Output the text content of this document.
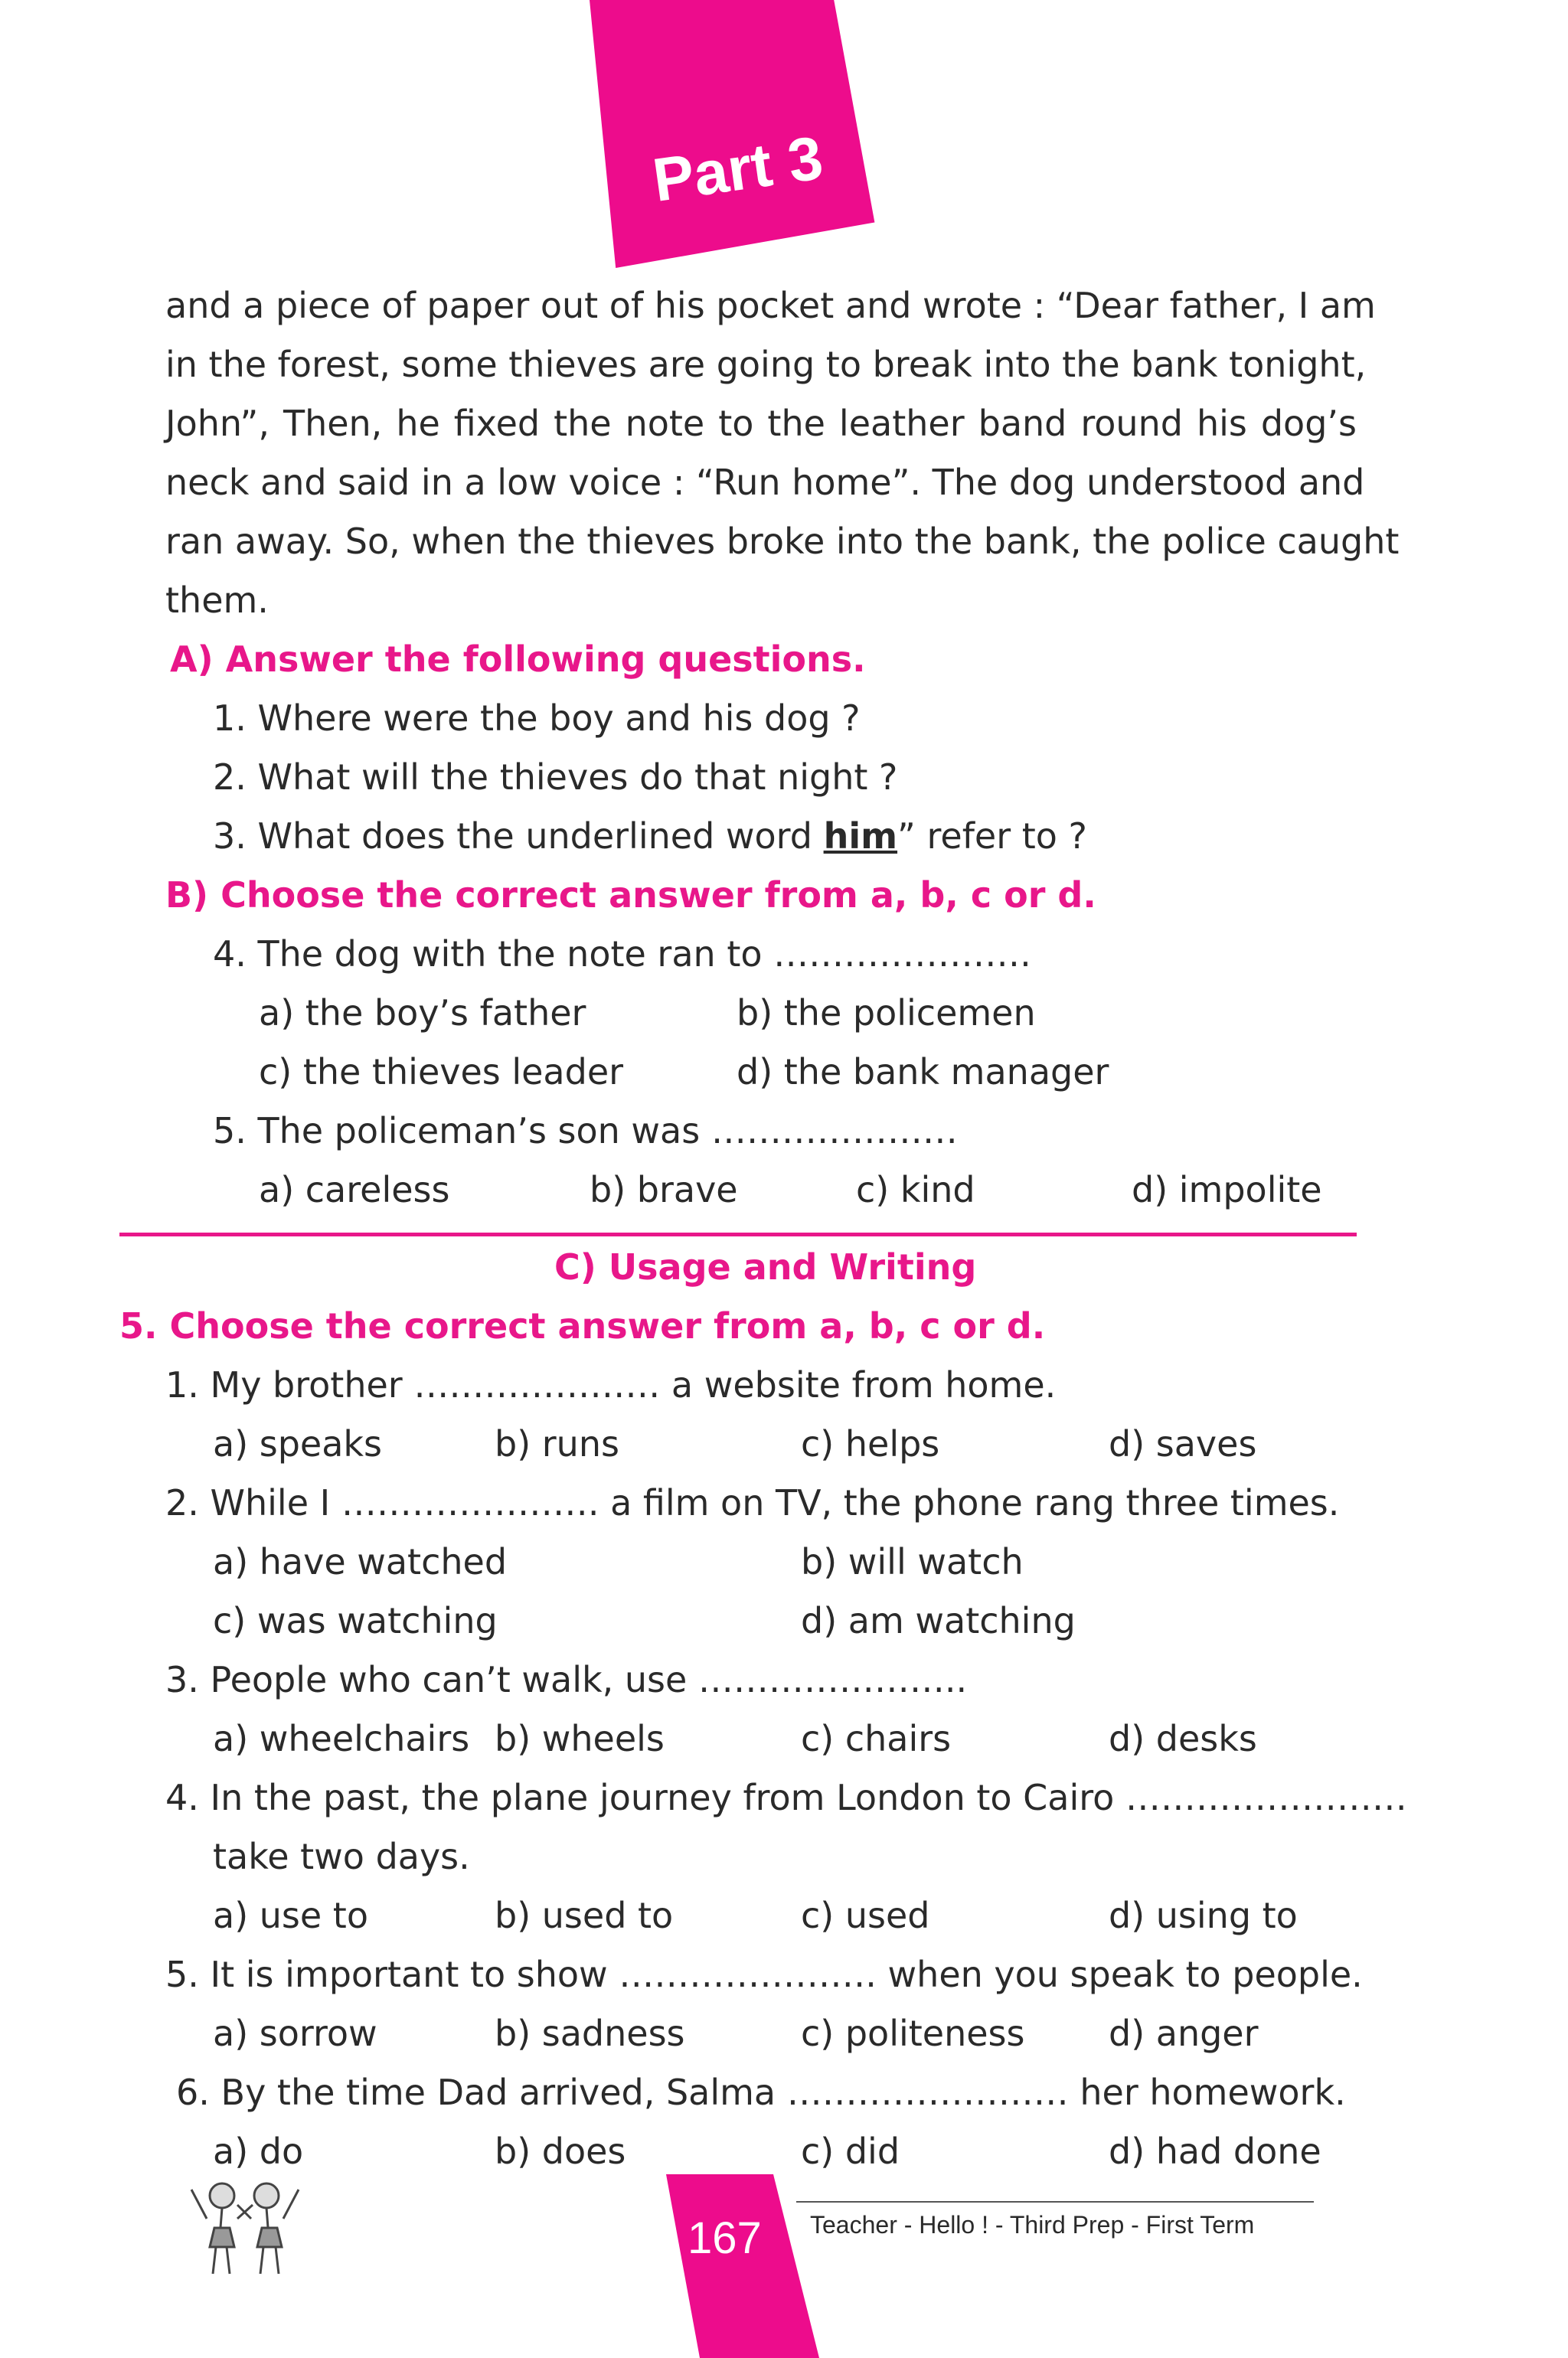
Part 3
and a piece of paper out of his pocket and wrote : “Dear father, I am
in the forest, some thieves are going to break into the bank tonight,
John”, Then, he fixed the note to the leather band round his dog’s
neck and said in a low voice : “Run home”. The dog understood and
ran away. So, when the thieves broke into the bank, the police caught
them.
A) Answer the following questions.
1. Where were the boy and his dog ?
2. What will the thieves do that night ?
3. What does the underlined word him” refer to ?
B) Choose the correct answer from a, b, c or d.
4. The dog with the note ran to ………………….
a) the boy’s father	b) the policemen
c) the thieves leader	d) the bank manager
5. The policeman’s son was …………………
a) careless	b) brave	c) kind	d) impolite
C) Usage and Writing
5. Choose the correct answer from a, b, c or d.
1. My brother ………………… a website from home.
a) speaks	b) runs	c) helps	d) saves
2. While I …………………. a film on TV, the phone rang three times.
a) have watched	b) will watch
c) was watching	d) am watching
3. People who can’t walk, use …………………..
a) wheelchairs b) wheels	c) chairs	d) desks
4. In the past, the plane journey from London to Cairo ……………………
take two days.
a) use to	b) used to	c) used	d) using to
5. It is important to show …………………. when you speak to people.
a) sorrow	b) sadness	c) politeness d) anger
6. By the time Dad arrived, Salma …………………… her homework.
a) do	b) does	c) did	d) had done
167 Teacher - Hello ! - Third Prep - First Term
